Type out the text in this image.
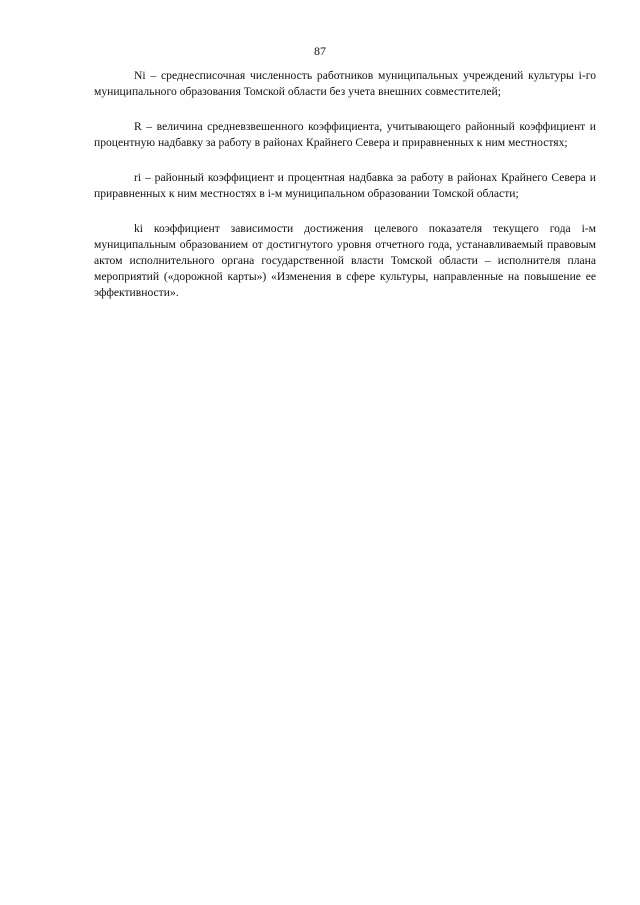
87

Ni – среднесписочная численность работников муниципальных учреждений культуры i-го муниципального образования Томской области без учета внешних совместителей;

R – величина средневзвешенного коэффициента, учитывающего районный коэффициент и процентную надбавку за работу в районах Крайнего Севера и приравненных к ним местностях;

ri – районный коэффициент и процентная надбавка за работу в районах Крайнего Севера и приравненных к ним местностях в i-м муниципальном образовании Томской области;

ki коэффициент зависимости достижения целевого показателя текущего года i-м муниципальным образованием от достигнутого уровня отчетного года, устанавливаемый правовым актом исполнительного органа государственной власти Томской области – исполнителя плана мероприятий («дорожной карты») «Изменения в сфере культуры, направленные на повышение ее эффективности».
